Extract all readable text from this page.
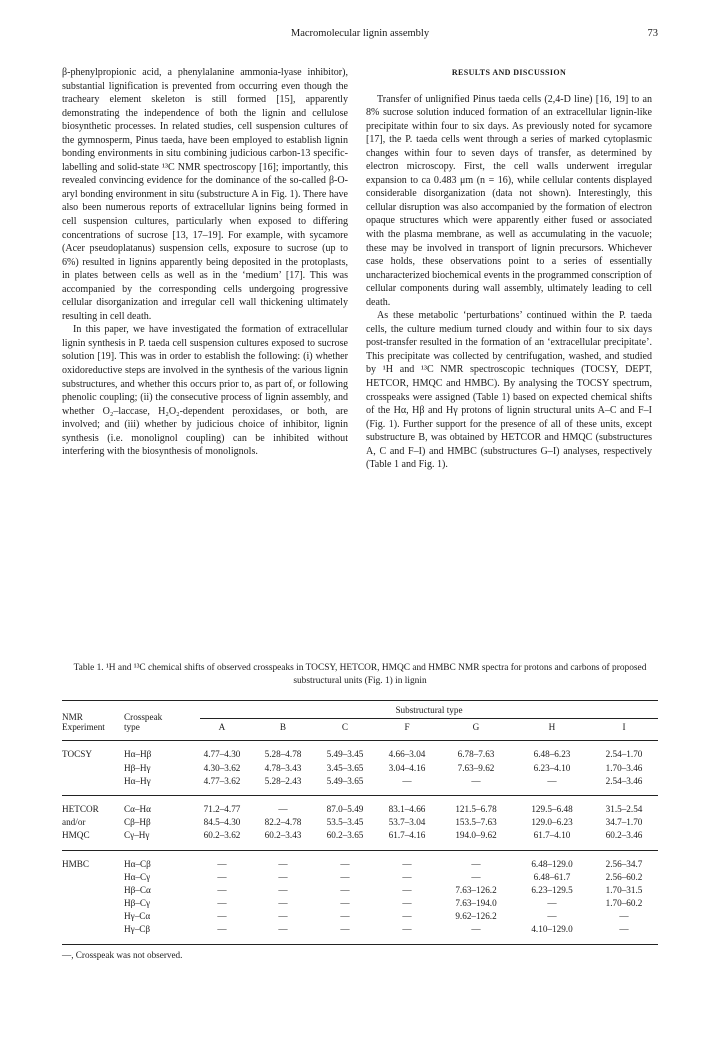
Macromolecular lignin assembly	73

β-phenylpropionic acid, a phenylalanine ammonia-lyase inhibitor), substantial lignification is prevented from occurring even though the tracheary element skeleton is still formed [15], apparently demonstrating the independence of both the lignin and cellulose biosynthetic processes. In related studies, cell suspension cultures of the gymnosperm, Pinus taeda, have been employed to establish lignin bonding environments in situ combining judicious carbon-13 specific-labelling and solid-state ¹³C NMR spectroscopy [16]; importantly, this revealed convincing evidence for the dominance of the so-called β-O-aryl bonding environment in situ (substructure A in Fig. 1). There have also been numerous reports of extracellular lignins being formed in cell suspension cultures, particularly when exposed to differing concentrations of sucrose [13, 17–19]. For example, with sycamore (Acer pseudoplatanus) suspension cells, exposure to sucrose (up to 6%) resulted in lignins apparently being deposited in the protoplasts, in plates between cells as well as in the ‘medium’ [17]. This was accompanied by the corresponding cells undergoing progressive cellular disorganization and irregular cell wall thickening ultimately resulting in cell death.

In this paper, we have investigated the formation of extracellular lignin synthesis in P. taeda cell suspension cultures exposed to sucrose solution [19]. This was in order to establish the following: (i) whether oxidoreductive steps are involved in the synthesis of the various lignin substructures, and whether this occurs prior to, as part of, or following phenolic coupling; (ii) the consecutive process of lignin assembly, and whether O₂–laccase, H₂O₂-dependent peroxidases, or both, are involved; and (iii) whether by judicious choice of inhibitor, lignin synthesis (i.e. monolignol coupling) can be inhibited without interfering with the biosynthesis of monolignols.

RESULTS AND DISCUSSION

Transfer of unlignified Pinus taeda cells (2,4-D line) [16, 19] to an 8% sucrose solution induced formation of an extracellular lignin-like precipitate within four to six days. As previously noted for sycamore [17], the P. taeda cells went through a series of marked cytoplasmic changes within four to seven days of transfer, as determined by electron microscopy. First, the cell walls underwent irregular expansion to ca 0.483 μm (n = 16), while cellular contents displayed considerable disorganization (data not shown). Interestingly, this cellular disruption was also accompanied by the formation of electron opaque structures which were apparently either fused or associated with the plasma membrane, as well as accumulating in the vacuole; these may be involved in transport of lignin precursors. Whichever case holds, these observations point to a series of essentially uncharacterized biochemical events in the programmed conscription of cellular components during wall assembly, ultimately leading to cell death.

As these metabolic ‘perturbations’ continued within the P. taeda cells, the culture medium turned cloudy and within four to six days post-transfer resulted in the formation of an ‘extracellular precipitate’. This precipitate was collected by centrifugation, washed, and studied by ¹H and ¹³C NMR spectroscopic techniques (TOCSY, DEPT, HETCOR, HMQC and HMBC). By analysing the TOCSY spectrum, crosspeaks were assigned (Table 1) based on expected chemical shifts of the Hα, Hβ and Hγ protons of lignin structural units A–C and F–I (Fig. 1). Further support for the presence of all of these units, except substructure B, was obtained by HETCOR and HMQC (substructures A, C and F–I) and HMBC (substructures G–I) analyses, respectively (Table 1 and Fig. 1).

Table 1. ¹H and ¹³C chemical shifts of observed crosspeaks in TOCSY, HETCOR, HMQC and HMBC NMR spectra for protons and carbons of proposed substructural units (Fig. 1) in lignin
NMR	Crosspeak	Substructural type						

Experiment	type	A	B	C	F	G	H	I

TOCSY	Hα–Hβ	4.77–4.30	5.28–4.78	5.49–3.45	4.66–3.04	6.78–7.63	6.48–6.23	2.54–1.70
	Hβ–Hγ	4.30–3.62	4.78–3.43	3.45–3.65	3.04–4.16	7.63–9.62	6.23–4.10	1.70–3.46
	Hα–Hγ	4.77–3.62	5.28–2.43	5.49–3.65	—	—	—	2.54–3.46

HETCOR	Cα–Hα	71.2–4.77	—	87.0–5.49	83.1–4.66	121.5–6.78	129.5–6.48	31.5–2.54
and/or	Cβ–Hβ	84.5–4.30	82.2–4.78	53.5–3.45	53.7–3.04	153.5–7.63	129.0–6.23	34.7–1.70
HMQC	Cγ–Hγ	60.2–3.62	60.2–3.43	60.2–3.65	61.7–4.16	194.0–9.62	61.7–4.10	60.2–3.46

HMBC	Hα–Cβ	—	—	—	—	—	6.48–129.0	2.56–34.7
	Hα–Cγ	—	—	—	—	—	6.48–61.7	2.56–60.2
	Hβ–Cα	—	—	—	—	7.63–126.2	6.23–129.5	1.70–31.5
	Hβ–Cγ	—	—	—	—	7.63–194.0	—	1.70–60.2
	Hγ–Cα	—	—	—	—	9.62–126.2	—	—
	Hγ–Cβ	—	—	—	—	—	4.10–129.0	—
—, Crosspeak was not observed.
